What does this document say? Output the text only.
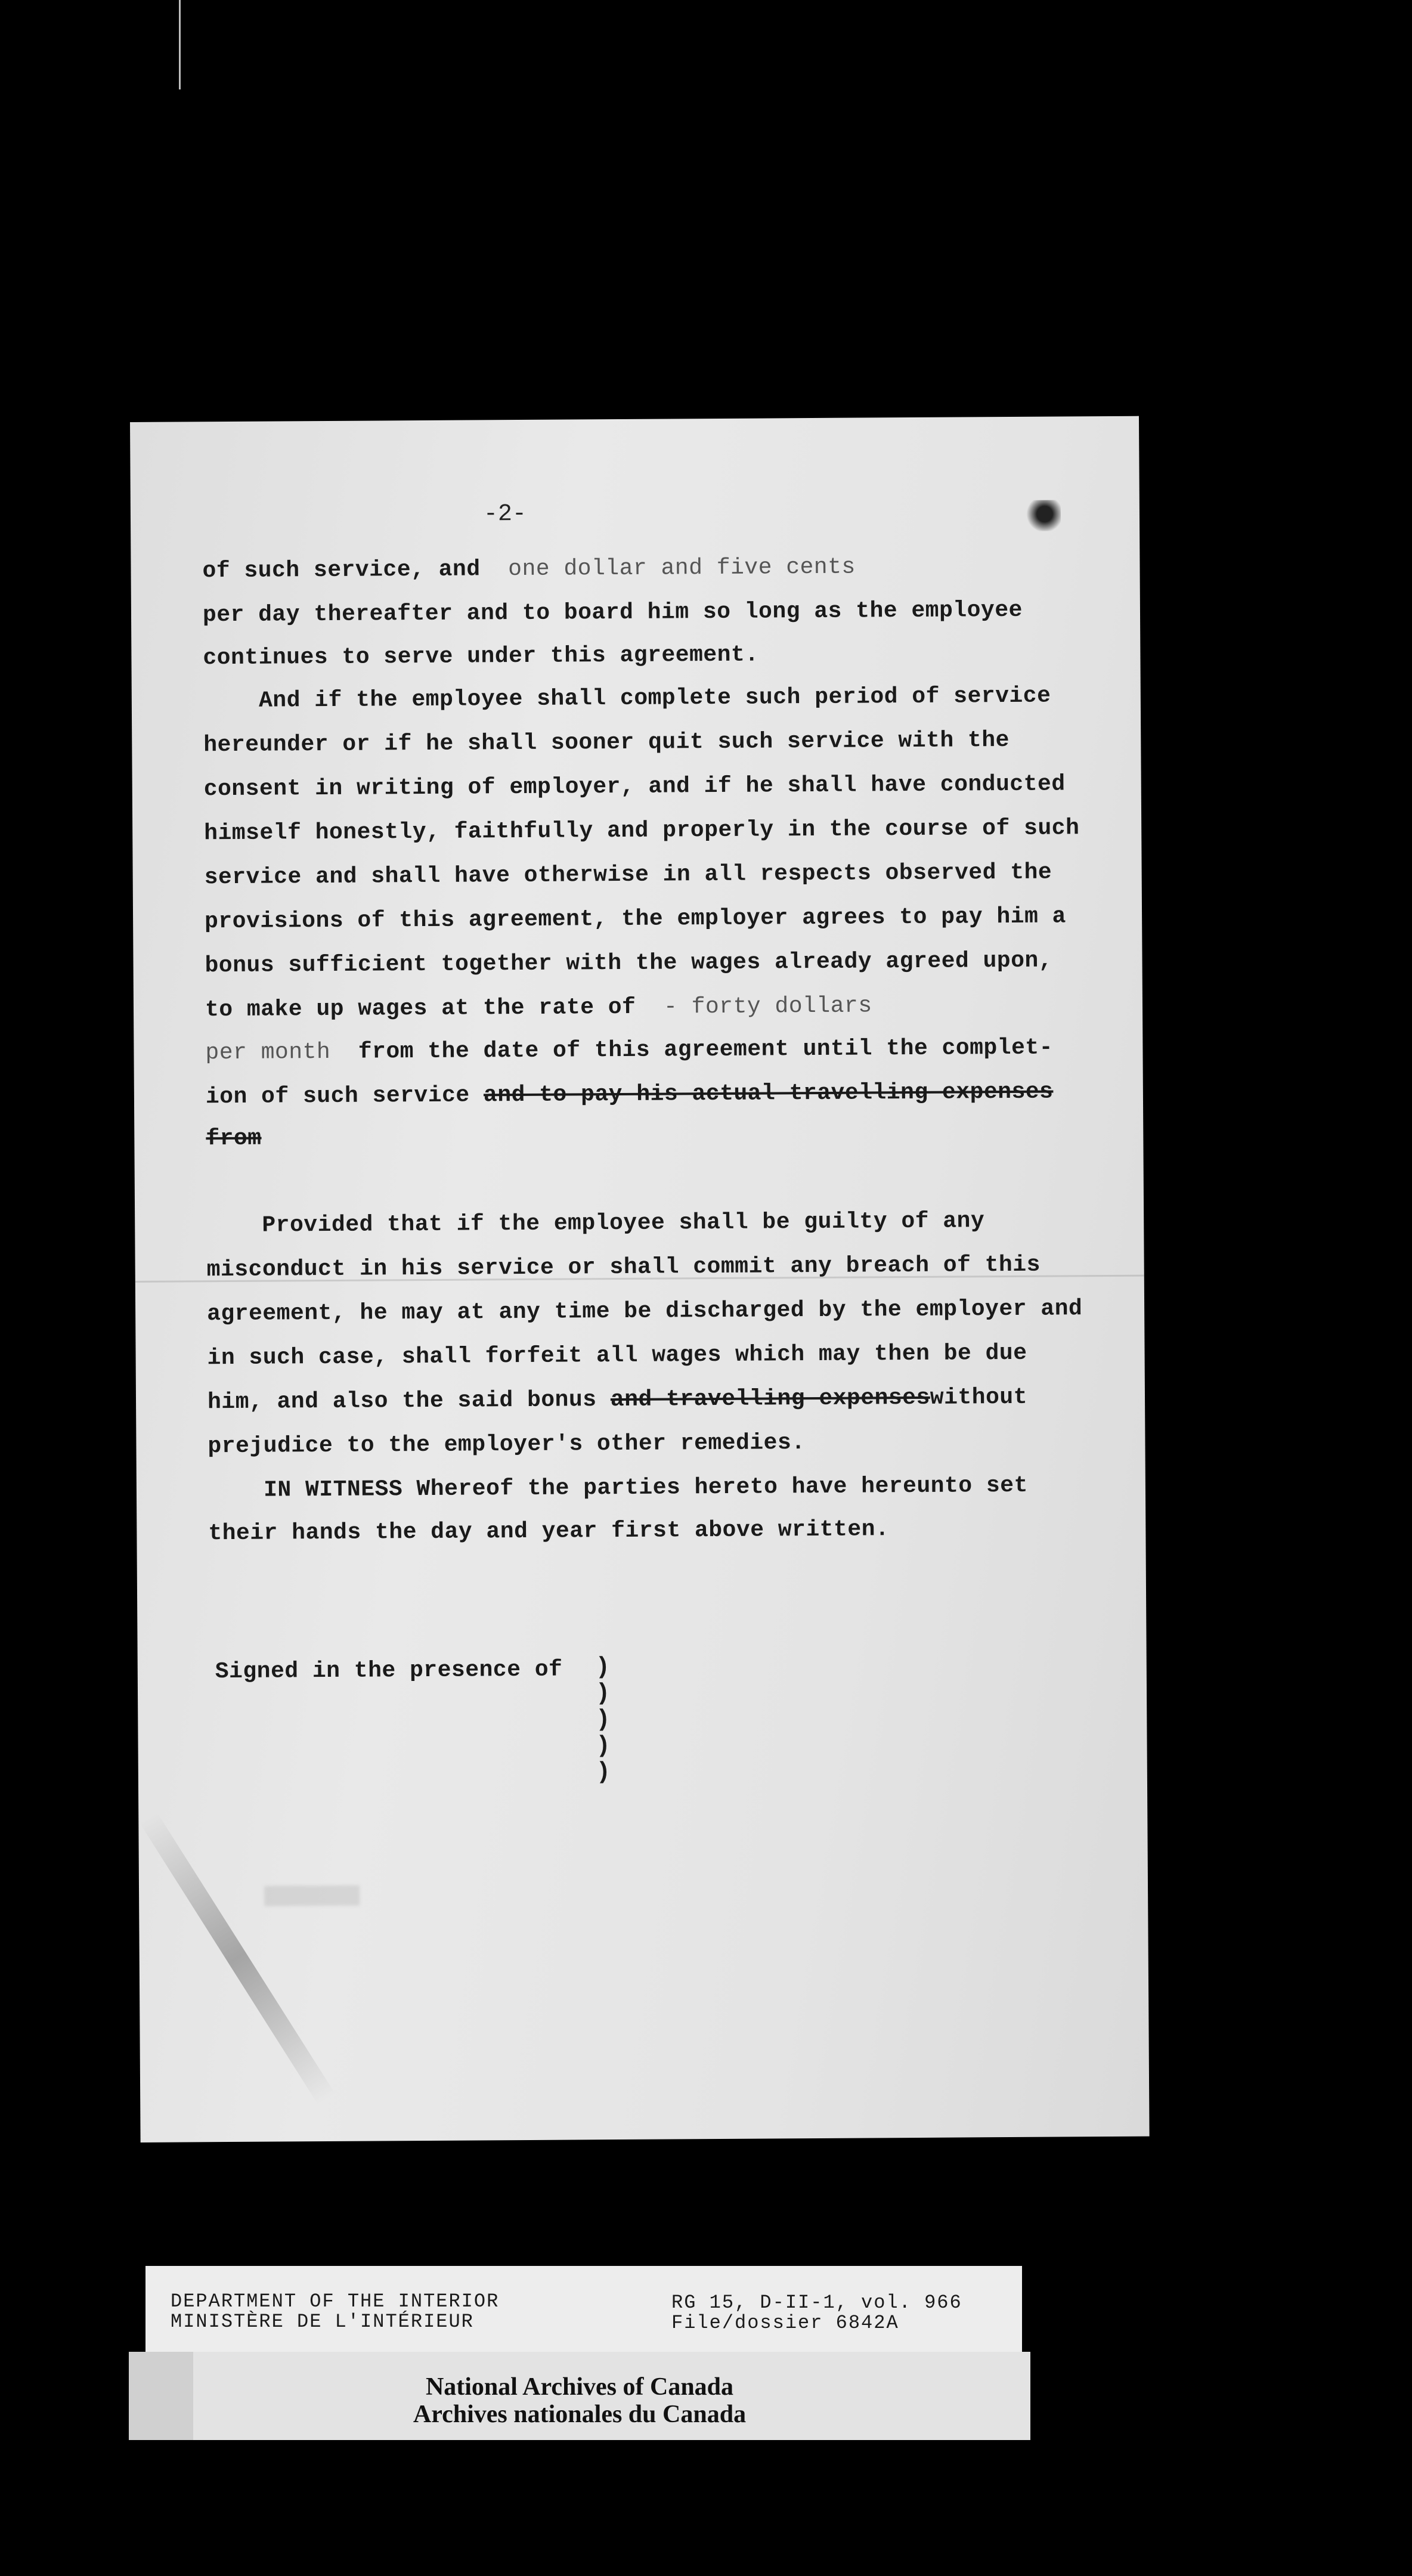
-2-
of such service, and  one dollar and five cents
per day thereafter and to board him so long as the employee
continues to serve under this agreement.
And if the employee shall complete such period of service
hereunder or if he shall sooner quit such service with the
consent in writing of employer, and if he shall have conducted
himself honestly, faithfully and properly in the course of such
service and shall have otherwise in all respects observed the
provisions of this agreement, the employer agrees to pay him a
bonus sufficient together with the wages already agreed upon,
to make up wages at the rate of  - forty dollars
per month  from the date of this agreement until the complet-
ion of such service and to pay his actual travelling expenses
from
Provided that if the employee shall be guilty of any
misconduct in his service or shall commit any breach of this
agreement, he may at any time be discharged by the employer and
in such case, shall forfeit all wages which may then be due
him, and also the said bonus and travelling expenseswithout
prejudice to the employer's other remedies.
IN WITNESS Whereof the parties hereto have hereunto set
their hands the day and year first above written.
Signed in the presence of )
)
)
)
)
DEPARTMENT OF THE INTERIOR
MINISTÈRE DE L'INTÉRIEUR
RG 15, D-II-1, vol. 966
File/dossier 6842A
National Archives of Canada
Archives nationales du Canada
